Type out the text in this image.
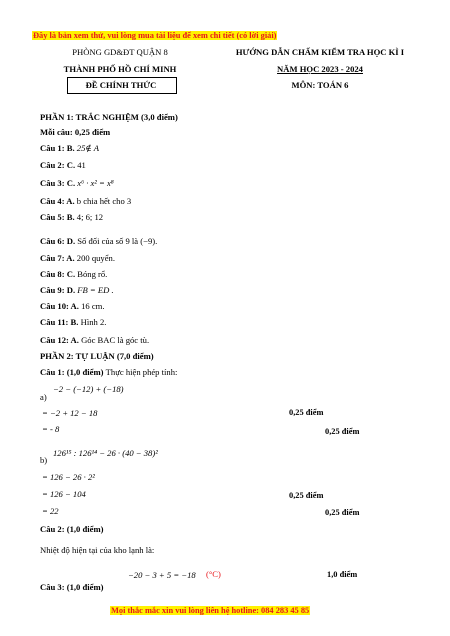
Đây là bản xem thử, vui lòng mua tài liệu để xem chi tiết (có lời giải)
PHÒNG GD&ĐT QUẬN 8
THÀNH PHỐ HỒ CHÍ MINH
ĐỀ CHÍNH THỨC
HƯỚNG DẪN CHẤM KIỂM TRA HỌC KÌ I
NĂM HỌC 2023 - 2024
MÔN: TOÁN 6
PHẦN 1: TRẮC NGHIỆM (3,0 điểm)
Mỗi câu: 0,25 điểm
Câu 1: B. 25∉ A
Câu 2: C. 41
Câu 3: C. x⁶ · x² = x⁸
Câu 4: A. b chia hết cho 3
Câu 5: B. 4; 6; 12
Câu 6: D. Số đối của số 9 là (−9).
Câu 7: A. 200 quyển.
Câu 8: C. Bóng rổ.
Câu 9: D. FB = ED .
Câu 10: A. 16 cm.
Câu 11: B. Hình 2.
Câu 12: A. Góc BAC là góc tù.
PHẦN 2: TỰ LUẬN (7,0 điểm)
Câu 1: (1,0 điểm) Thực hiện phép tính:
a)
−2 − (−12) + (−18)
= −2 + 12 − 18
= - 8
0,25 điểm
0,25 điểm
b)
126¹⁵ : 126¹⁴ − 26 · (40 − 38)²
= 126 − 26 · 2²
= 126 − 104
= 22
0,25 điểm
0,25 điểm
Câu 2: (1,0 điểm)
Nhiệt độ hiện tại của kho lạnh là:
−20 − 3 + 5 = −18 (°C)	1,0 điểm
Câu 3: (1,0 điểm)
Mọi thắc mắc xin vui lòng liên hệ hotline: 084 283 45 85
